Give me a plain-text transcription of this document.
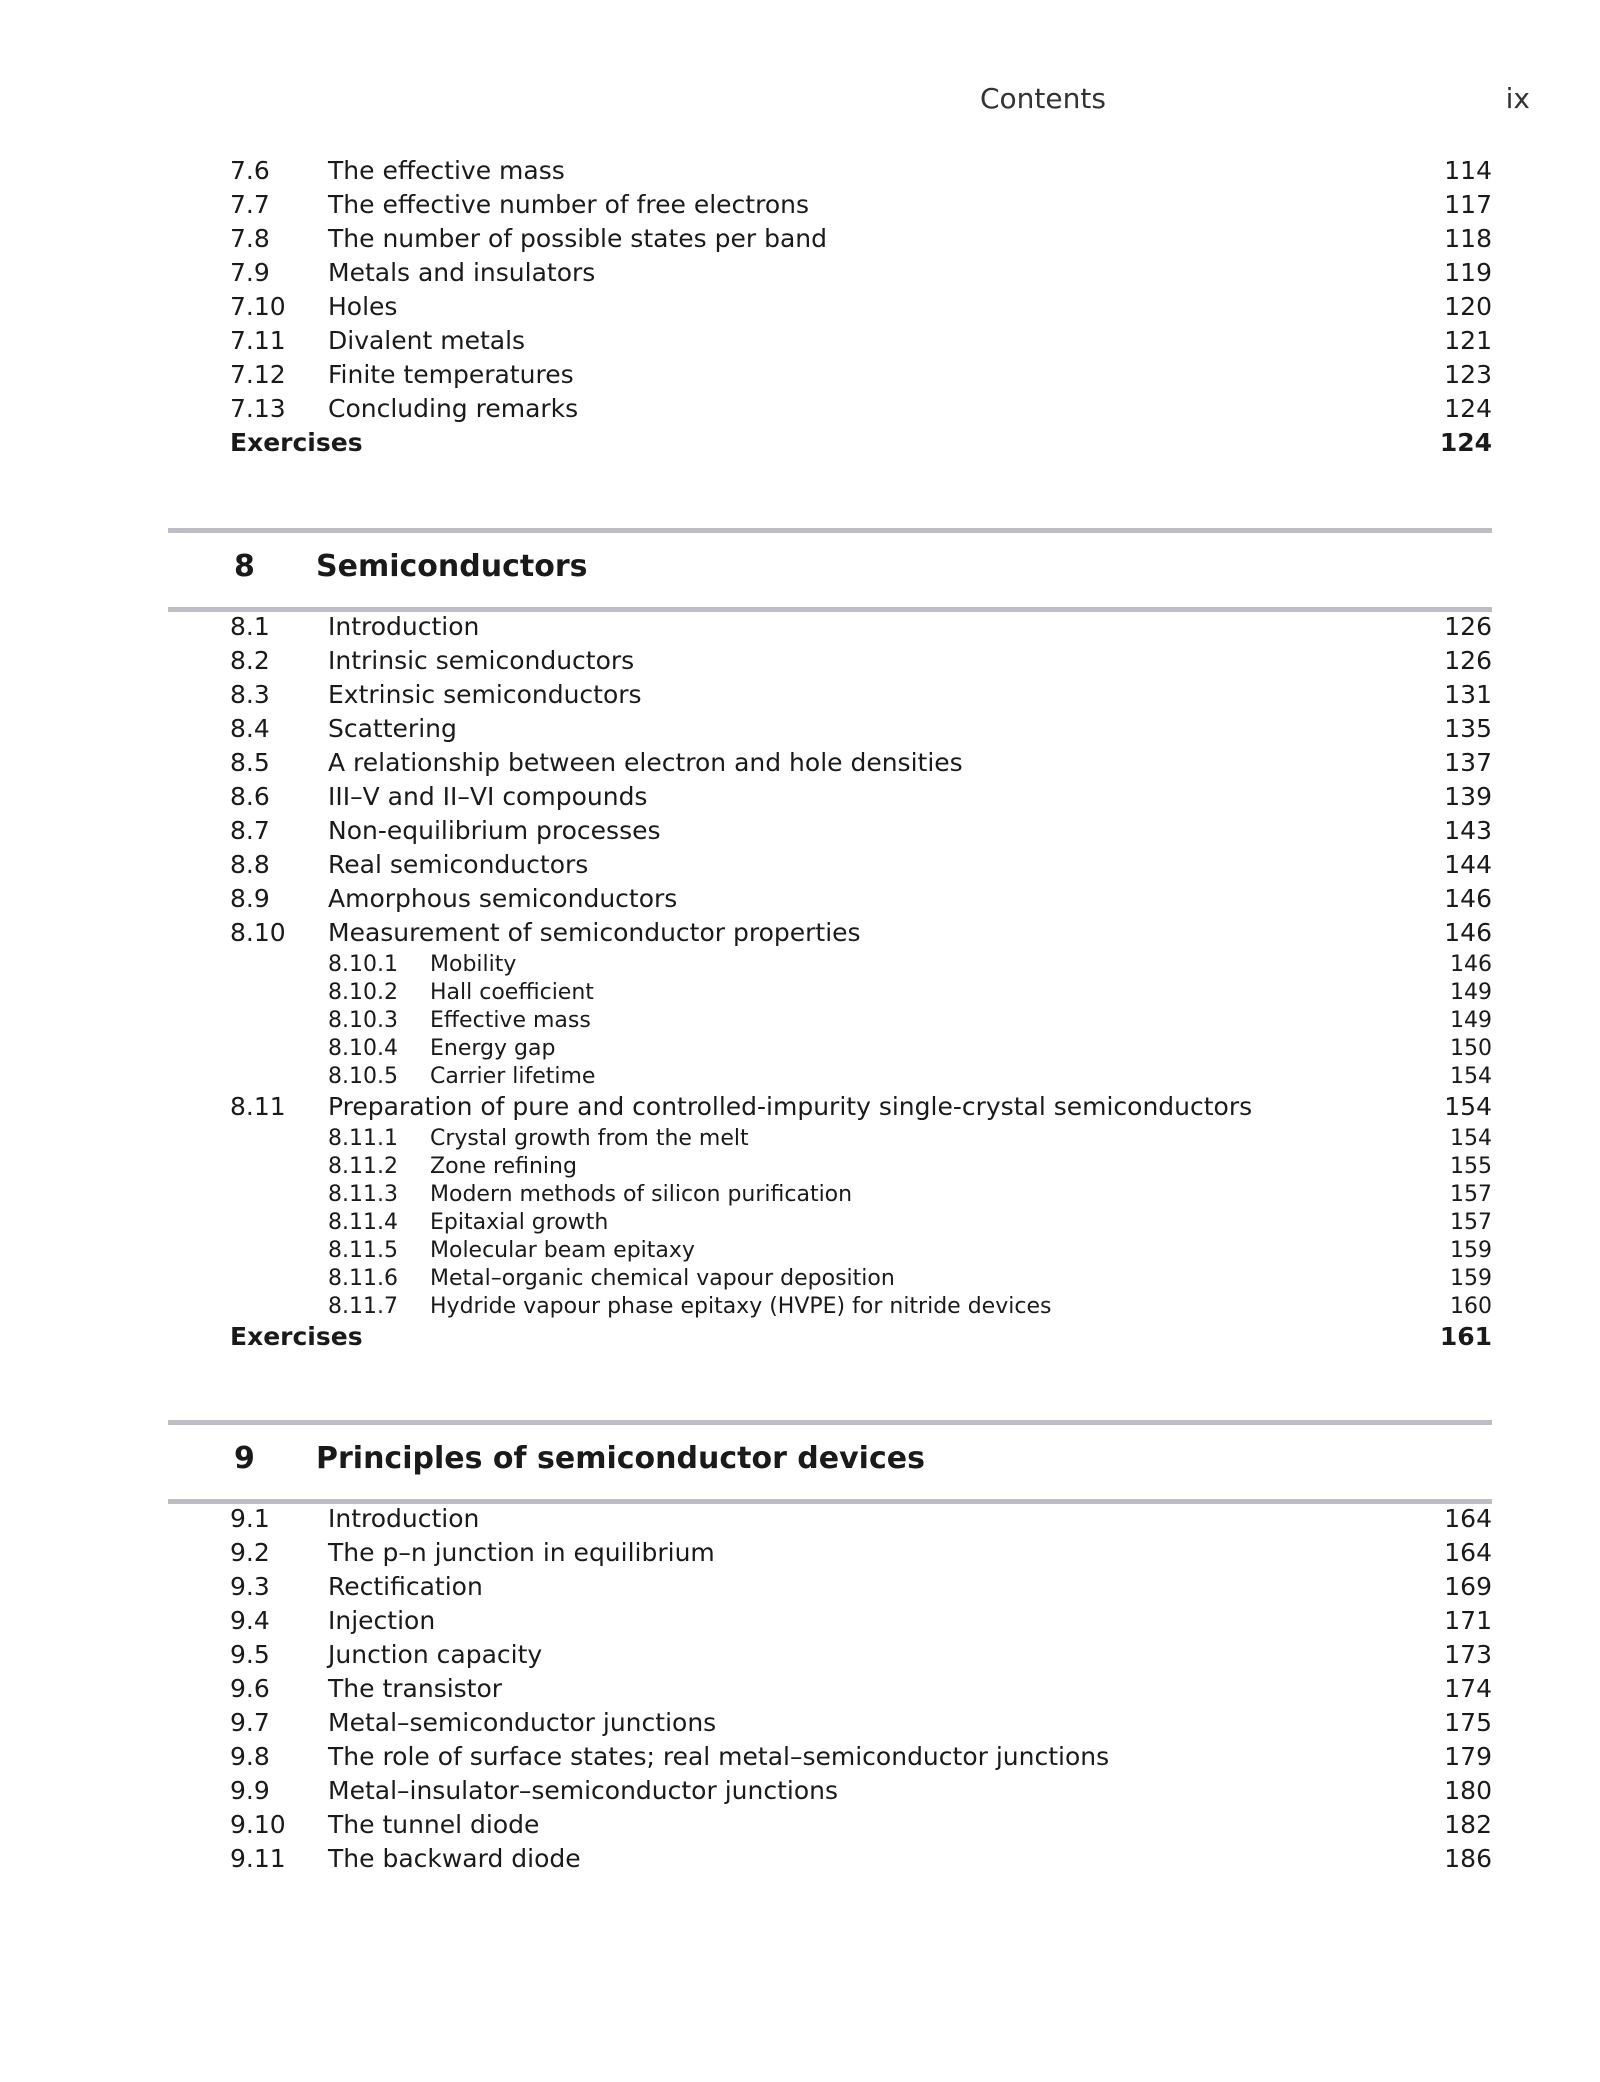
Contents	ix
7.6 The effective mass	114
7.7 The effective number of free electrons	117
7.8 The number of possible states per band	118
7.9 Metals and insulators	119
7.10 Holes	120
7.11 Divalent metals	121
7.12 Finite temperatures	123
7.13 Concluding remarks	124
Exercises	124
8 Semiconductors
8.1 Introduction	126
8.2 Intrinsic semiconductors	126
8.3 Extrinsic semiconductors	131
8.4 Scattering	135
8.5 A relationship between electron and hole densities	137
8.6 III–V and II–VI compounds	139
8.7 Non-equilibrium processes	143
8.8 Real semiconductors	144
8.9 Amorphous semiconductors	146
8.10 Measurement of semiconductor properties	146
8.10.1 Mobility	146
8.10.2 Hall coefficient	149
8.10.3 Effective mass	149
8.10.4 Energy gap	150
8.10.5 Carrier lifetime	154
8.11 Preparation of pure and controlled-impurity single-crystal semiconductors	154
8.11.1 Crystal growth from the melt	154
8.11.2 Zone refining	155
8.11.3 Modern methods of silicon purification	157
8.11.4 Epitaxial growth	157
8.11.5 Molecular beam epitaxy	159
8.11.6 Metal–organic chemical vapour deposition	159
8.11.7 Hydride vapour phase epitaxy (HVPE) for nitride devices	160
Exercises	161
9 Principles of semiconductor devices
9.1 Introduction	164
9.2 The p–n junction in equilibrium	164
9.3 Rectification	169
9.4 Injection	171
9.5 Junction capacity	173
9.6 The transistor	174
9.7 Metal–semiconductor junctions	175
9.8 The role of surface states; real metal–semiconductor junctions	179
9.9 Metal–insulator–semiconductor junctions	180
9.10 The tunnel diode	182
9.11 The backward diode	186
